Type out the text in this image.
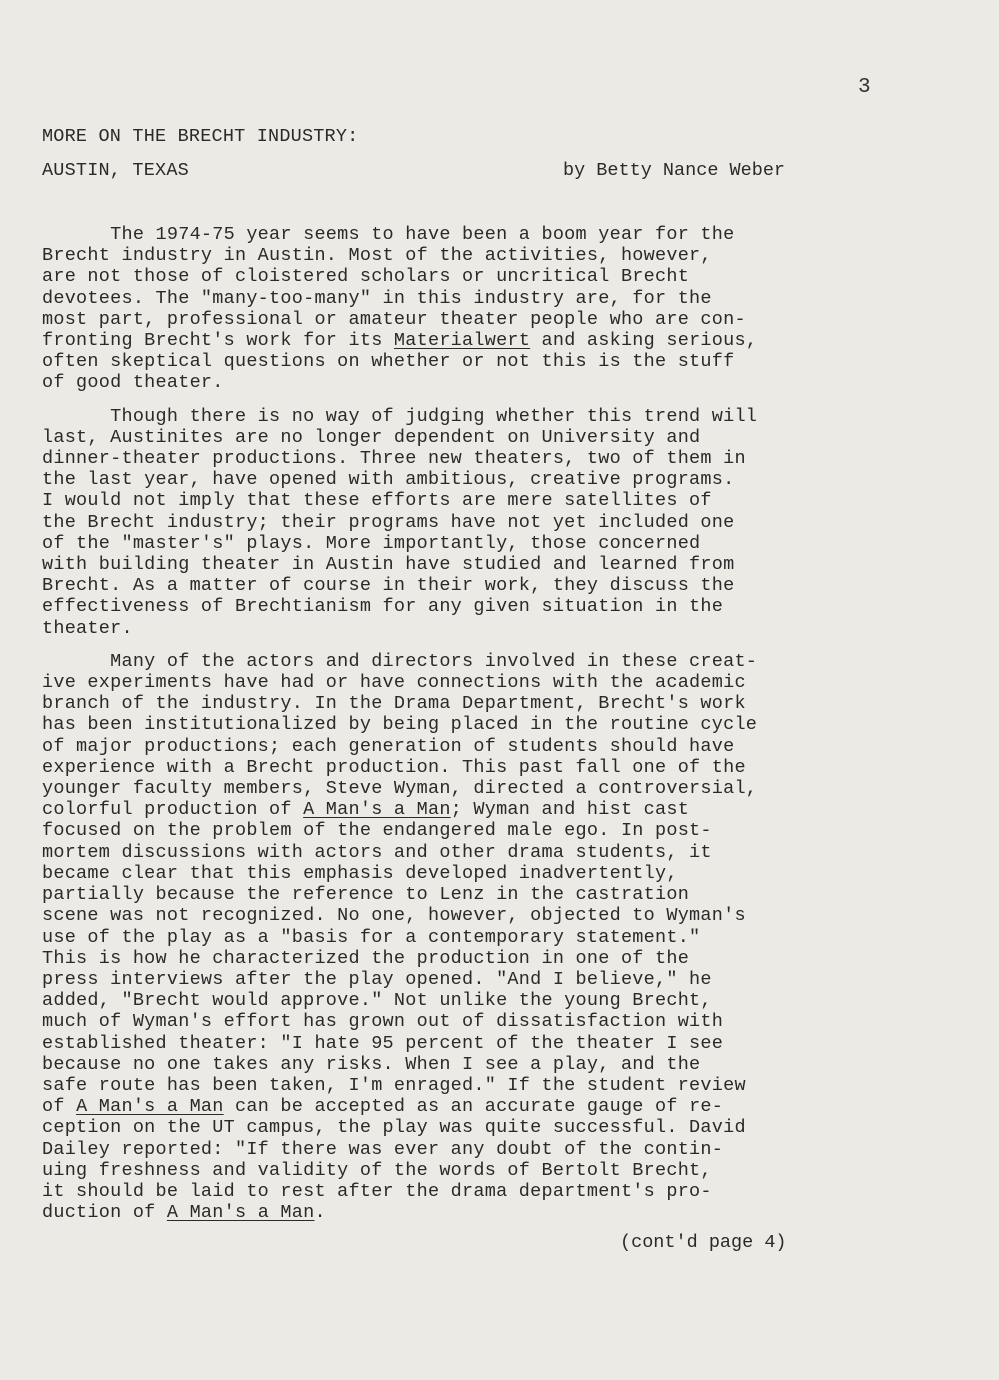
3
MORE ON THE BRECHT INDUSTRY:
AUSTIN, TEXAS	by Betty Nance Weber
The 1974-75 year seems to have been a boom year for the
Brecht industry in Austin. Most of the activities, however,
are not those of cloistered scholars or uncritical Brecht
devotees. The "many-too-many" in this industry are, for the
most part, professional or amateur theater people who are con-
fronting Brecht's work for its Materialwert and asking serious,
often skeptical questions on whether or not this is the stuff
of good theater.
Though there is no way of judging whether this trend will
last, Austinites are no longer dependent on University and
dinner-theater productions. Three new theaters, two of them in
the last year, have opened with ambitious, creative programs.
I would not imply that these efforts are mere satellites of
the Brecht industry; their programs have not yet included one
of the "master's" plays. More importantly, those concerned
with building theater in Austin have studied and learned from
Brecht. As a matter of course in their work, they discuss the
effectiveness of Brechtianism for any given situation in the
theater.
Many of the actors and directors involved in these creat-
ive experiments have had or have connections with the academic
branch of the industry. In the Drama Department, Brecht's work
has been institutionalized by being placed in the routine cycle
of major productions; each generation of students should have
experience with a Brecht production. This past fall one of the
younger faculty members, Steve Wyman, directed a controversial,
colorful production of A Man's a Man; Wyman and hist cast
focused on the problem of the endangered male ego. In post-
mortem discussions with actors and other drama students, it
became clear that this emphasis developed inadvertently,
partially because the reference to Lenz in the castration
scene was not recognized. No one, however, objected to Wyman's
use of the play as a "basis for a contemporary statement."
This is how he characterized the production in one of the
press interviews after the play opened. "And I believe," he
added, "Brecht would approve." Not unlike the young Brecht,
much of Wyman's effort has grown out of dissatisfaction with
established theater: "I hate 95 percent of the theater I see
because no one takes any risks. When I see a play, and the
safe route has been taken, I'm enraged." If the student review
of A Man's a Man can be accepted as an accurate gauge of re-
ception on the UT campus, the play was quite successful. David
Dailey reported: "If there was ever any doubt of the contin-
uing freshness and validity of the words of Bertolt Brecht,
it should be laid to rest after the drama department's pro-
duction of A Man's a Man.
(cont'd page 4)
